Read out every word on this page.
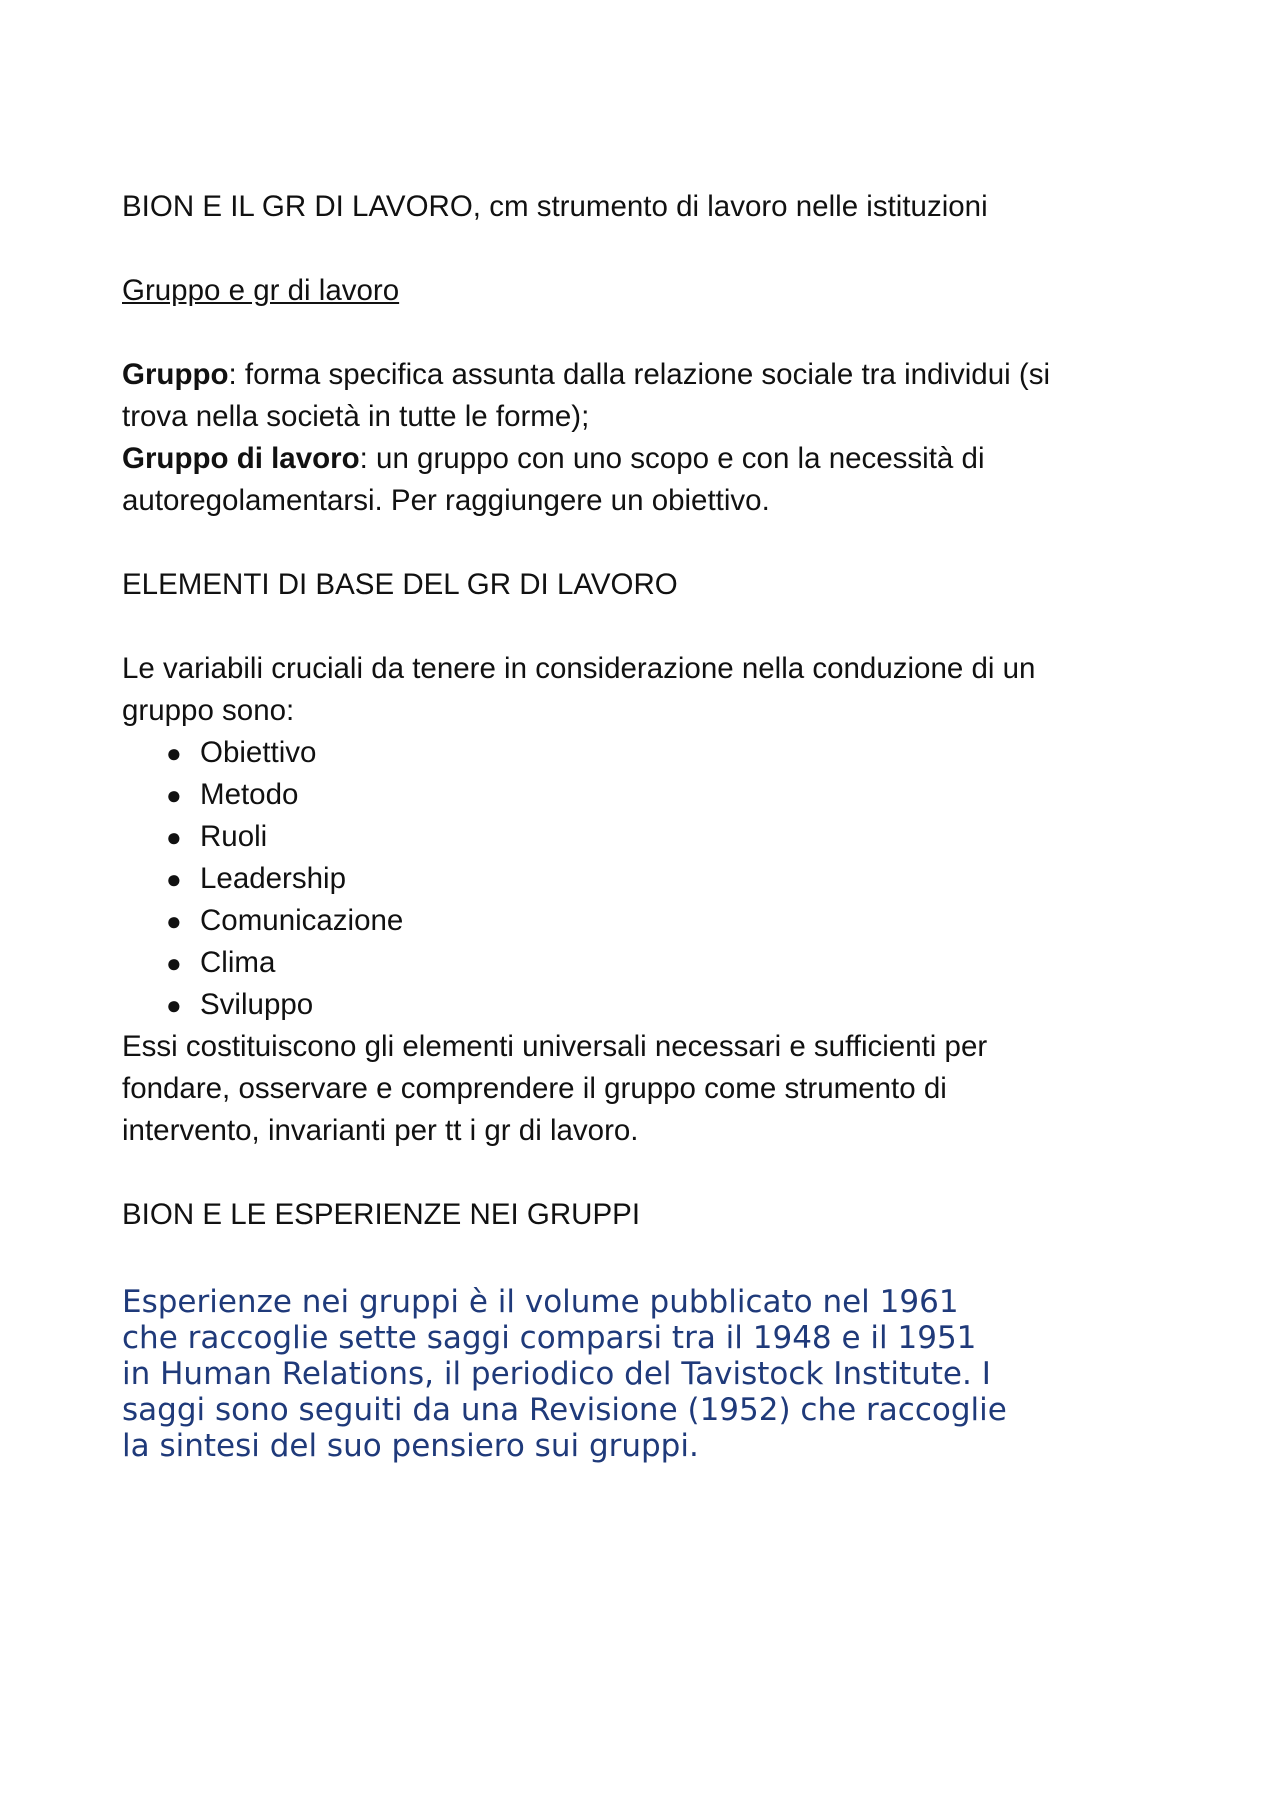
BION E IL GR DI LAVORO, cm strumento di lavoro nelle istituzioni

Gruppo e gr di lavoro

Gruppo: forma specifica assunta dalla relazione sociale tra individui (si

trova nella società in tutte le forme);

Gruppo di lavoro: un gruppo con uno scopo e con la necessità di

autoregolamentarsi. Per raggiungere un obiettivo.

ELEMENTI DI BASE DEL GR DI LAVORO

Le variabili cruciali da tenere in considerazione nella conduzione di un

gruppo sono:

● Obiettivo
● Metodo
● Ruoli
● Leadership
● Comunicazione
● Clima
● Sviluppo

Essi costituiscono gli elementi universali necessari e sufficienti per

fondare, osservare e comprendere il gruppo come strumento di

intervento, invarianti per tt i gr di lavoro.

BION E LE ESPERIENZE NEI GRUPPI

Esperienze nei gruppi è il volume pubblicato nel 1961
che raccoglie sette saggi comparsi tra il 1948 e il 1951
in Human Relations, il periodico del Tavistock Institute. I
saggi sono seguiti da una Revisione (1952) che raccoglie
la sintesi del suo pensiero sui gruppi.
